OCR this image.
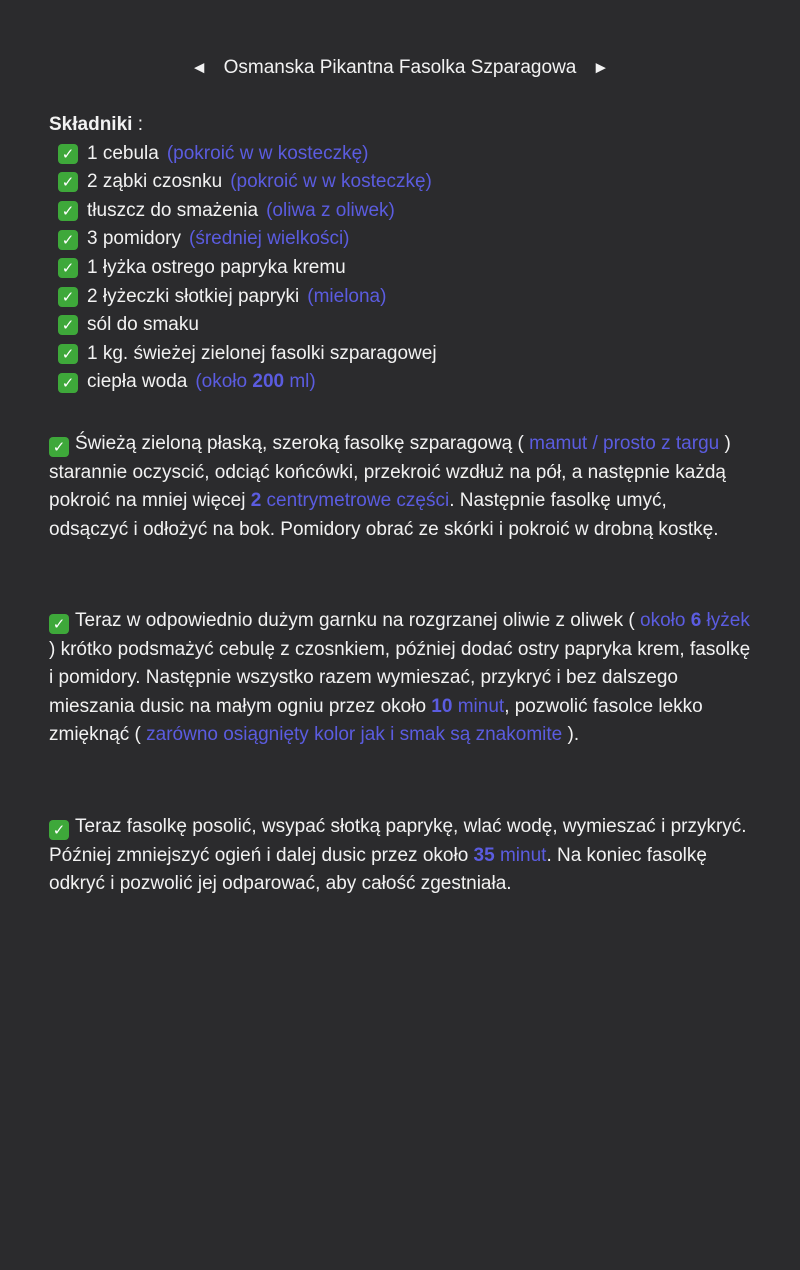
◄ Osmanska Pikantna Fasolka Szparagowa ►
Składniki :
✓ 1 cebula (pokroić w w kosteczkę)
✓ 2 ząbki czosnku (pokroić w w kosteczkę)
✓ tłuszcz do smażenia (oliwa z oliwek)
✓ 3 pomidory (średniej wielkości)
✓ 1 łyżka ostrego papryka kremu
✓ 2 łyżeczki słotkiej papryki (mielona)
✓ sól do smaku
✓ 1 kg. świeżej zielonej fasolki szparagowej
✓ ciepła woda (około 200 ml)

✓ Świeżą zieloną płaską, szeroką fasolkę szparagową ( mamut / prosto z targu ) starannie oczyscić, odciąć końcówki, przekroić wzdłuż na pół, a następnie każdą pokroić na mniej więcej 2 centrymetrowe części. Następnie fasolkę umyć, odsączyć i odłożyć na bok. Pomidory obrać ze skórki i pokroić w drobną kostkę.

✓ Teraz w odpowiednio dużym garnku na rozgrzanej oliwie z oliwek ( około 6 łyżek ) krótko podsmażyć cebulę z czosnkiem, później dodać ostry papryka krem, fasolkę i pomidory. Następnie wszystko razem wymieszać, przykryć i bez dalszego mieszania dusic na małym ogniu przez około 10 minut, pozwolić fasolce lekko zmięknąć ( zarówno osiągnięty kolor jak i smak są znakomite ).

✓ Teraz fasolkę posolić, wsypać słotką paprykę, wlać wodę, wymieszać i przykryć. Później zmniejszyć ogień i dalej dusic przez około 35 minut. Na koniec fasolkę odkryć i pozwolić jej odparować, aby całość zgestniała.
